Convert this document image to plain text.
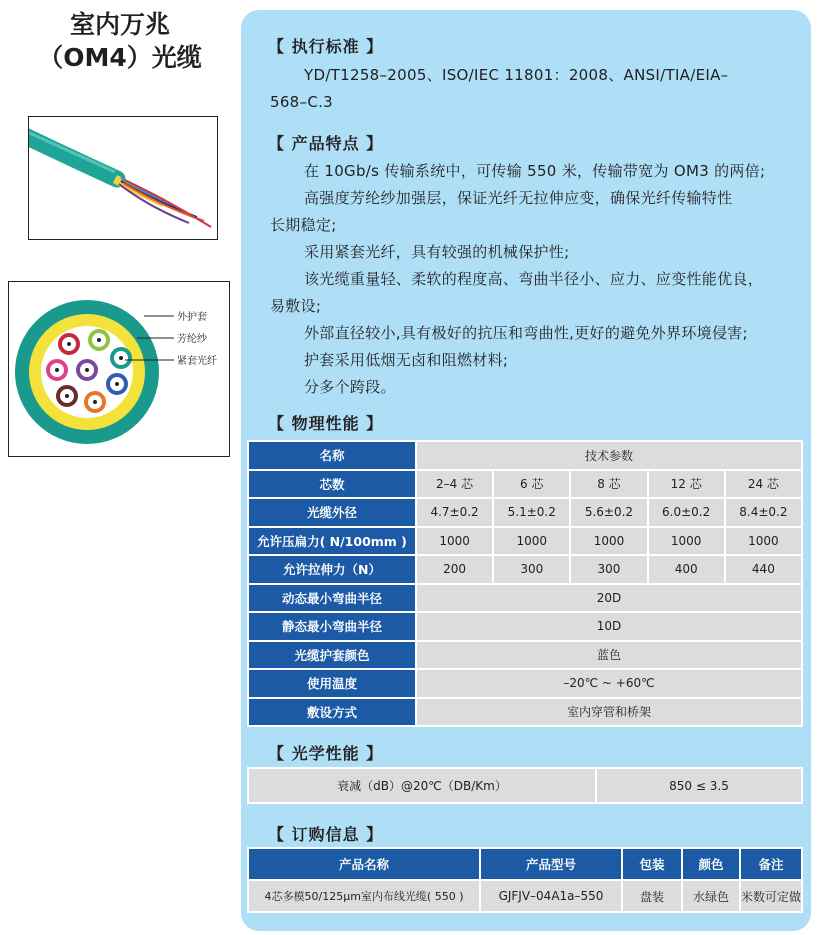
室内万兆
（OM4）光缆
外护套
芳纶纱
紧套光纤
【 执行标准 】
YD/T1258–2005、ISO/IEC 11801：2008、ANSI/TIA/EIA–
568–C.3
【 产品特点 】
在 10Gb/s 传输系统中，可传输 550 米，传输带宽为 OM3 的两倍;
高强度芳纶纱加强层，保证光纤无拉伸应变，确保光纤传输特性
长期稳定;
采用紧套光纤，具有较强的机械保护性;
该光缆重量轻、柔软的程度高、弯曲半径小、应力、应变性能优良，
易敷设;
外部直径较小,具有极好的抗压和弯曲性,更好的避免外界环境侵害;
护套采用低烟无卤和阻燃材料;
分多个跨段。
【 物理性能 】
名称	技术参数				
芯数	2–4 芯	6 芯	8 芯	12 芯	24 芯
光缆外径	4.7±0.2	5.1±0.2	5.6±0.2	6.0±0.2	8.4±0.2
允许压扁力( N/100mm )	1000	1000	1000	1000	1000
允许拉伸力（N）	200	300	300	400	440
动态最小弯曲半径	20D				
静态最小弯曲半径	10D				
光缆护套颜色	蓝色				
使用温度	–20℃ ~ +60℃				
敷设方式	室内穿管和桥架				
【 光学性能 】
衰减（dB）@20℃（DB/Km）	850 ≤ 3.5
【 订购信息 】
产品名称	产品型号	包装	颜色	备注
4芯多模50/125μm室内布线光缆( 550 )	GJFJV–04A1a–550	盘装	水绿色	米数可定做
